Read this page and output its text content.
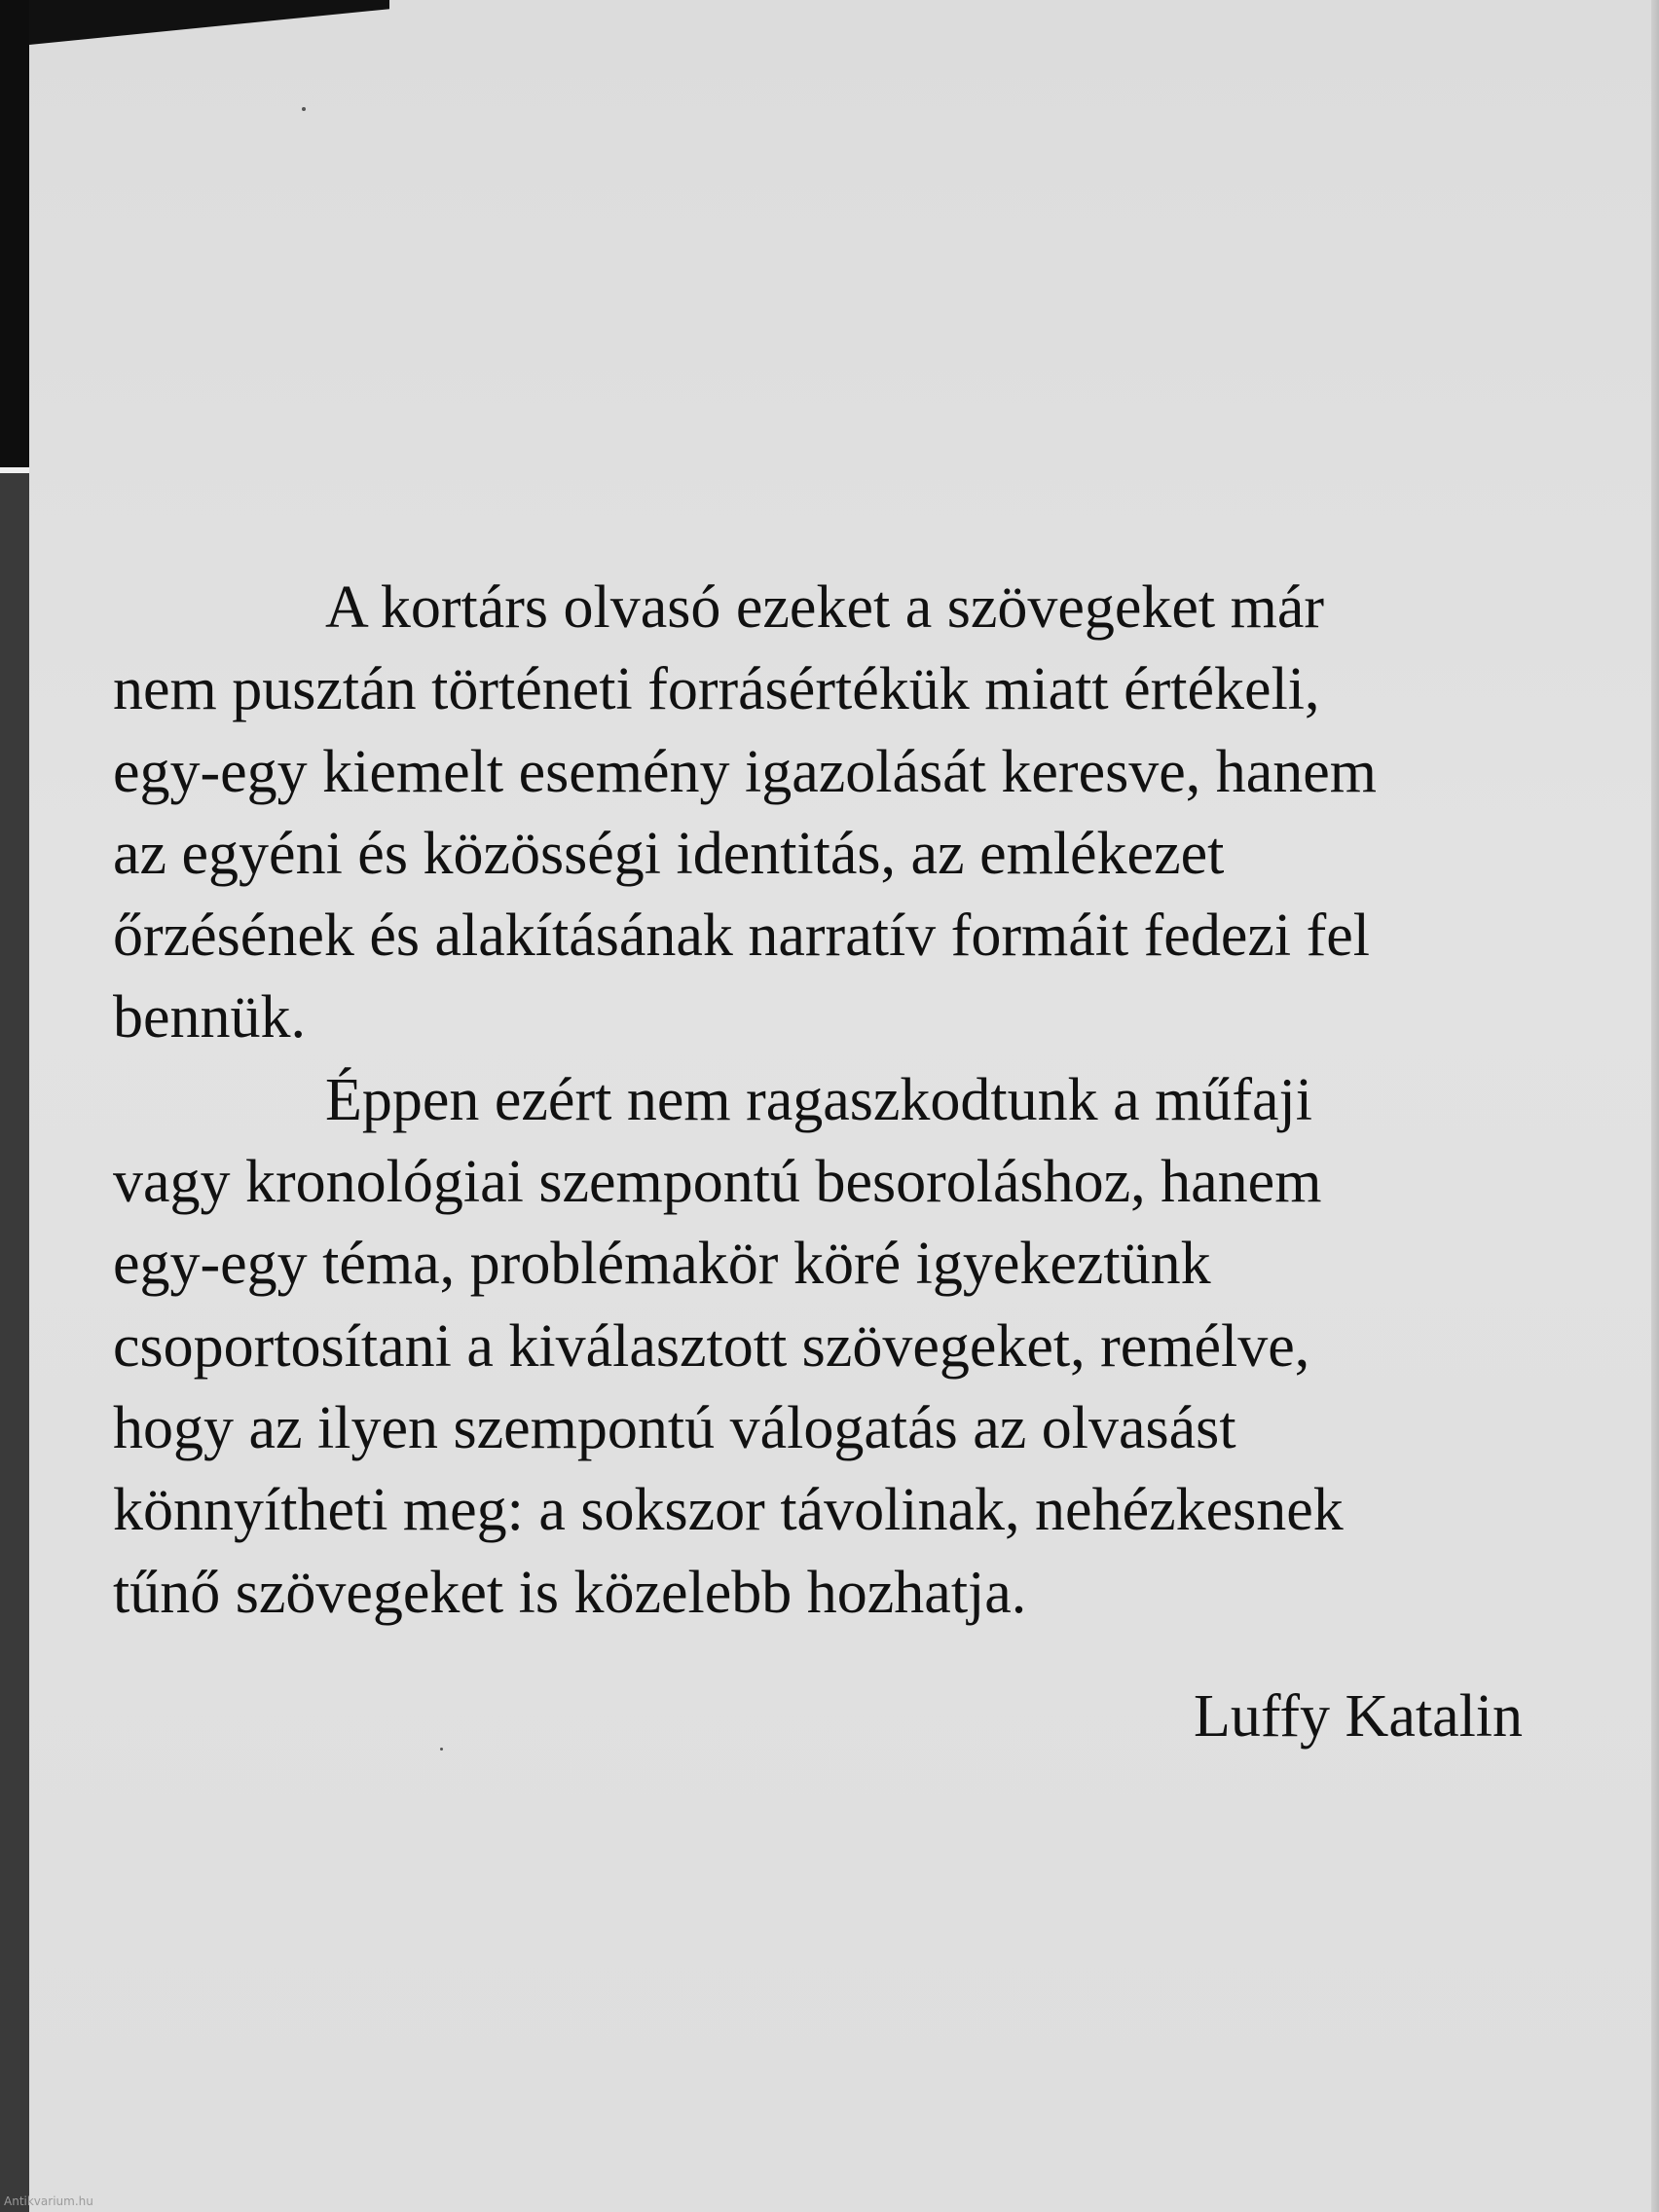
A kortárs olvasó ezeket a szövegeket már

nem pusztán történeti forrásértékük miatt értékeli,

egy-egy kiemelt esemény igazolását keresve, hanem

az egyéni és közösségi identitás, az emlékezet

őrzésének és alakításának narratív formáit fedezi fel

bennük.

Éppen ezért nem ragaszkodtunk a műfaji

vagy kronológiai szempontú besoroláshoz, hanem

egy-egy téma, problémakör köré igyekeztünk

csoportosítani a kiválasztott szövegeket, remélve,

hogy az ilyen szempontú válogatás az olvasást

könnyítheti meg: a sokszor távolinak, nehézkesnek

tűnő szövegeket is közelebb hozhatja.

Luffy Katalin
Antikvarium.hu
